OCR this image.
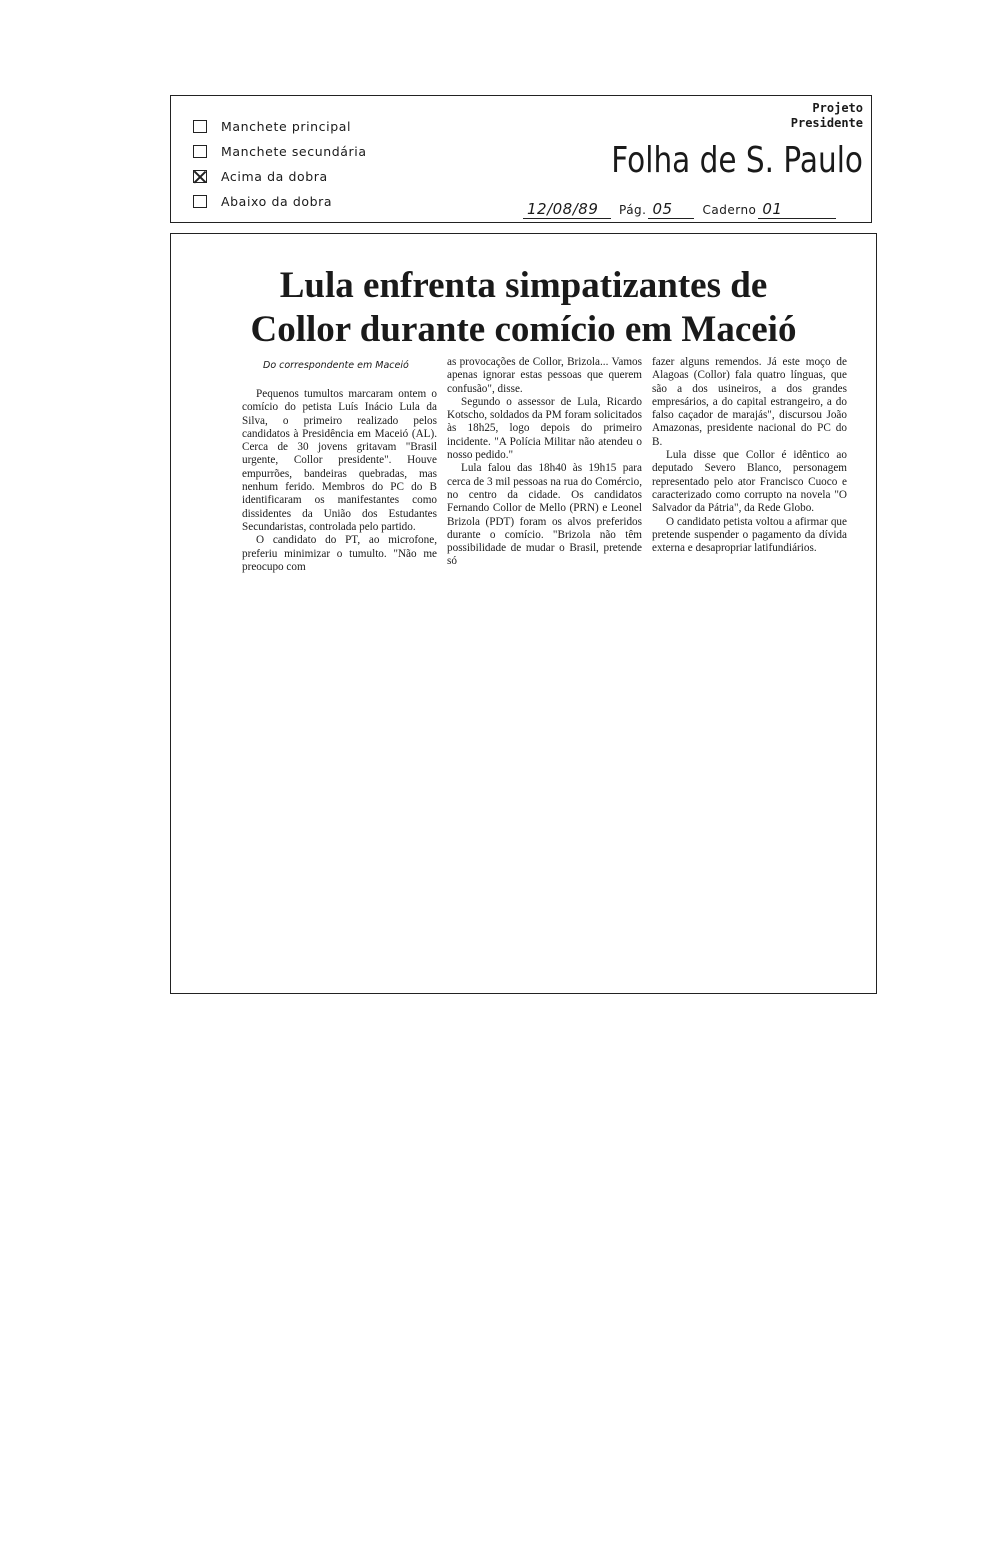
Manchete principal
Manchete secundária
Acima da dobra
Abaixo da dobra
Projeto
Presidente
Folha de S. Paulo
12/08/89	Pág. 05	Caderno 01
Lula enfrenta simpatizantes de
Collor durante comício em Maceió
Do correspondente em Maceió

Pequenos tumultos marcaram ontem o comício do petista Luís Inácio Lula da Silva, o primeiro realizado pelos candidatos à Presidência em Maceió (AL). Cerca de 30 jovens gritavam "Brasil urgente, Collor presidente". Houve empurrões, bandeiras quebradas, mas nenhum ferido. Membros do PC do B identificaram os manifestantes como dissidentes da União dos Estudantes Secundaristas, controlada pelo partido.

O candidato do PT, ao microfone, preferiu minimizar o tumulto. "Não me preocupo com

as provocações de Collor, Brizola... Vamos apenas ignorar estas pessoas que querem confusão", disse.

Segundo o assessor de Lula, Ricardo Kotscho, soldados da PM foram solicitados às 18h25, logo depois do primeiro incidente. "A Polícia Militar não atendeu o nosso pedido."

Lula falou das 18h40 às 19h15 para cerca de 3 mil pessoas na rua do Comércio, no centro da cidade. Os candidatos Fernando Collor de Mello (PRN) e Leonel Brizola (PDT) foram os alvos preferidos durante o comício. "Brizola não têm possibilidade de mudar o Brasil, pretende só

fazer alguns remendos. Já este moço de Alagoas (Collor) fala quatro línguas, que são a dos usineiros, a dos grandes empresários, a do capital estrangeiro, a do falso caçador de marajás", discursou João Amazonas, presidente nacional do PC do B.

Lula disse que Collor é idêntico ao deputado Severo Blanco, personagem representado pelo ator Francisco Cuoco e caracterizado como corrupto na novela "O Salvador da Pátria", da Rede Globo.

O candidato petista voltou a afirmar que pretende suspender o pagamento da dívida externa e desapropriar latifundiários.
